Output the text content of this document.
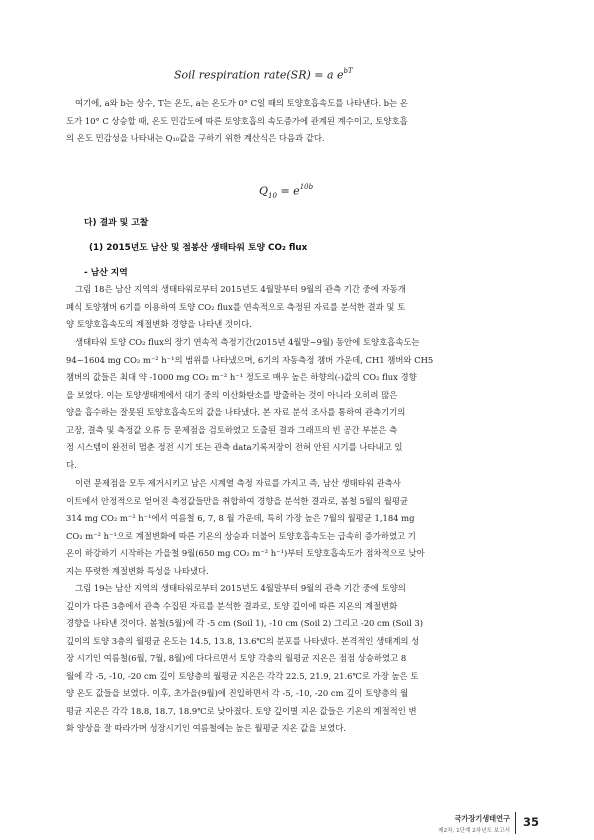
Soil respiration rate(SR) = a $e^{bT}$
여기에, a와 b는 상수, T는 온도, a는 온도가 0° C일 때의 토양호흡속도를 나타낸다. b는 온
도가 10° C 상승할 때, 온도 민감도에 따른 토양호흡의 속도증가에 관계된 계수이고, 토양호흡
의 온도 민감성을 나타내는 Q₁₀값을 구하기 위한 계산식은 다음과 같다.
$Q_{10} = e^{10b}$
다) 결과 및 고찰
(1) 2015년도 남산 및 점봉산 생태타워 토양 CO₂ flux
- 남산 지역
그림 18은 남산 지역의 생태타워로부터 2015년도 4월말부터 9월의 관측 기간 중에 자동개
폐식 토양챔버 6기를 이용하여 토양 CO₂ flux를 연속적으로 측정된 자료를 분석한 결과 및 토
양 토양호흡속도의 계절변화 경향을 나타낸 것이다.
생태타워 토양 CO₂ flux의 장기 연속적 측정기간(2015년 4월말~9월) 동안에 토양호흡속도는
94~1604 mg CO₂ m⁻² h⁻¹의 범위를 나타냈으며, 6기의 자동측정 챔버 가운데, CH1 챔버와 CH5
챔버의 값들은 최대 약 -1000 mg CO₂ m⁻² h⁻¹ 정도로 매우 높은 하향의(-)값의 CO₂ flux 경향
을 보였다. 이는 토양생태계에서 대기 중의 이산화탄소를 방출하는 것이 아니라 오히려 많은
양을 흡수하는 잘못된 토양호흡속도의 값을 나타냈다. 본 자료 분석 조사를 통하여 관측기기의
고장, 결측 및 측정값 오류 등 문제점을 검토하였고 도출된 결과 그래프의 빈 공간 부분은 측
정 시스템이 완전히 멈춘 정전 시기 또는 관측 data기록저장이 전혀 안된 시기를 나타내고 있
다.
이런 문제점을 모두 제거시키고 남은 시계열 측정 자료를 가지고 즉, 남산 생태타워 관측사
이트에서 안정적으로 얻어진 측정값들만을 취합하여 경향을 분석한 결과로, 봄철 5월의 월평균
314 mg CO₂ m⁻² h⁻¹에서 여름철 6, 7, 8 월 가운데, 특히 가장 높은 7월의 월평균 1,184 mg
CO₂ m⁻² h⁻¹으로 계절변화에 따른 기온의 상승과 더불어 토양호흡속도는 급속히 증가하였고 기
온이 하강하기 시작하는 가을철 9월(650 mg CO₂ m⁻² h⁻¹)부터 토양호흡속도가 점차적으로 낮아
지는 뚜렷한 계절변화 특성을 나타냈다.
그림 19는 남산 지역의 생태타워로부터 2015년도 4월말부터 9월의 관측 기간 중에 토양의
깊이가 다른 3층에서 관측 수집된 자료를 분석한 결과로, 토양 깊이에 따른 지온의 계절변화
경향을 나타낸 것이다. 봄철(5월)에 각 -5 cm (Soil 1), -10 cm (Soil 2) 그리고 -20 cm (Soil 3)
깊이의 토양 3층의 월평균 온도는 14.5, 13.8, 13.6℃의 분포를 나타냈다. 본격적인 생태계의 성
장 시기인 여름철(6월, 7월, 8월)에 다다르면서 토양 각층의 월평균 지온은 점점 상승하였고 8
월에 각 -5, -10, -20 cm 깊이 토양층의 월평균 지온은 각각 22.5, 21.9, 21.6℃로 가장 높은 토
양 온도 값들을 보였다. 이후, 초가을(9월)에 진입하면서 각 -5, -10, -20 cm 깊이 토양층의 월
평균 지온은 각각 18.8, 18.7, 18.9℃로 낮아졌다. 토양 깊이별 지온 값들은 기온의 계절적인 변
화 양상을 잘 따라가며 성장시기인 여름철에는 높은 월평균 지온 값을 보였다.
국가장기생태연구
제2차, 1단계 2차년도 보고서
35
